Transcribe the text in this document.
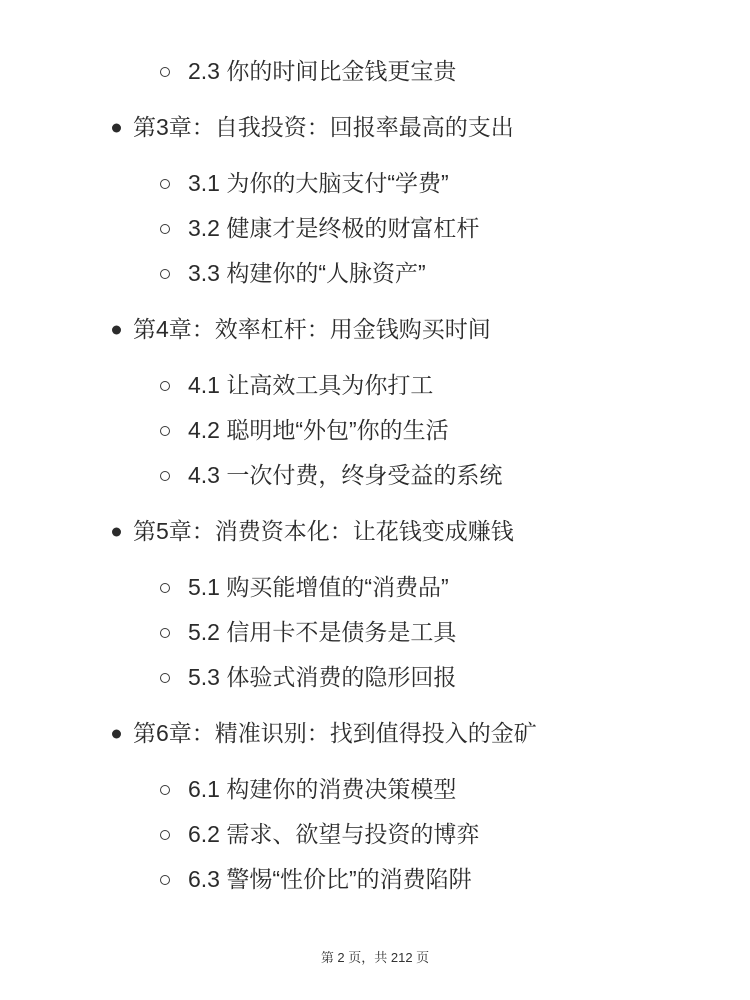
2.3 你的时间比金钱更宝贵
第3章：自我投资：回报率最高的支出
3.1 为你的大脑支付“学费”
3.2 健康才是终极的财富杠杆
3.3 构建你的“人脉资产”
第4章：效率杠杆：用金钱购买时间
4.1 让高效工具为你打工
4.2 聪明地“外包”你的生活
4.3 一次付费，终身受益的系统
第5章：消费资本化：让花钱变成赚钱
5.1 购买能增值的“消费品”
5.2 信用卡不是债务是工具
5.3 体验式消费的隐形回报
第6章：精准识别：找到值得投入的金矿
6.1 构建你的消费决策模型
6.2 需求、欲望与投资的博弈
6.3 警惕“性价比”的消费陷阱
第 2 页，共 212 页
